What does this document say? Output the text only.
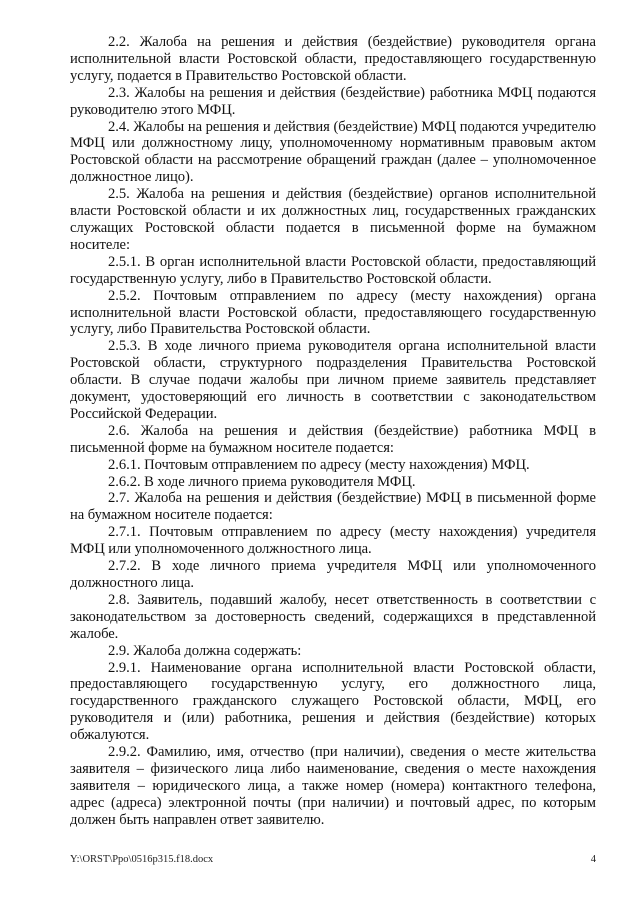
2.2. Жалоба на решения и действия (бездействие) руководителя органа исполнительной власти Ростовской области, предоставляющего государственную услугу, подается в Правительство Ростовской области.

2.3. Жалобы на решения и действия (бездействие) работника МФЦ подаются руководителю этого МФЦ.

2.4. Жалобы на решения и действия (бездействие) МФЦ подаются учредителю МФЦ или должностному лицу, уполномоченному нормативным правовым актом Ростовской области на рассмотрение обращений граждан (далее – уполномоченное должностное лицо).

2.5. Жалоба на решения и действия (бездействие) органов исполнительной власти Ростовской области и их должностных лиц, государственных гражданских служащих Ростовской области подается в письменной форме на бумажном носителе:

2.5.1. В орган исполнительной власти Ростовской области, предоставляющий государственную услугу, либо в Правительство Ростовской области.

2.5.2. Почтовым отправлением по адресу (месту нахождения) органа исполнительной власти Ростовской области, предоставляющего государственную услугу, либо Правительства Ростовской области.

2.5.3. В ходе личного приема руководителя органа исполнительной власти Ростовской области, структурного подразделения Правительства Ростовской области. В случае подачи жалобы при личном приеме заявитель представляет документ, удостоверяющий его личность в соответствии с законодательством Российской Федерации.

2.6. Жалоба на решения и действия (бездействие) работника МФЦ в письменной форме на бумажном носителе подается:

2.6.1. Почтовым отправлением по адресу (месту нахождения) МФЦ.

2.6.2. В ходе личного приема руководителя МФЦ.

2.7. Жалоба на решения и действия (бездействие) МФЦ в письменной форме на бумажном носителе подается:

2.7.1. Почтовым отправлением по адресу (месту нахождения) учредителя МФЦ или уполномоченного должностного лица.

2.7.2. В ходе личного приема учредителя МФЦ или уполномоченного должностного лица.

2.8. Заявитель, подавший жалобу, несет ответственность в соответствии с законодательством за достоверность сведений, содержащихся в представленной жалобе.

2.9. Жалоба должна содержать:

2.9.1. Наименование органа исполнительной власти Ростовской области, предоставляющего государственную услугу, его должностного лица, государственного гражданского служащего Ростовской области, МФЦ, его руководителя и (или) работника, решения и действия (бездействие) которых обжалуются.

2.9.2. Фамилию, имя, отчество (при наличии), сведения о месте жительства заявителя – физического лица либо наименование, сведения о месте нахождения заявителя – юридического лица, а также номер (номера) контактного телефона, адрес (адреса) электронной почты (при наличии) и почтовый адрес, по которым должен быть направлен ответ заявителю.

Y:\ORST\Ppo\0516p315.f18.docx	4
